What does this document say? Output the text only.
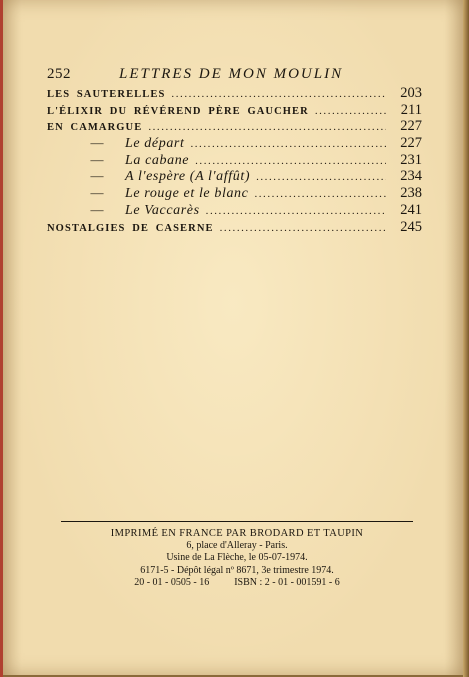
252	LETTRES DE MON MOULIN
LES SAUTERELLES . . .	203
L'ÉLIXIR DU RÉVÉREND PÈRE GAUCHER . . .	211
EN CAMARGUE . . .	227
—	Le départ . . .	227
—	La cabane . . .	231
—	A l'espère (A l'affût) . . .	234
—	Le rouge et le blanc . . .	238
—	Le Vaccarès . . .	241
NOSTALGIES DE CASERNE . . .	245
IMPRIMÉ EN FRANCE PAR BRODARD ET TAUPIN
6, place d'Alleray - Paris.
Usine de La Flèche, le 05-07-1974.
6171-5 - Dépôt légal nº 8671, 3e trimestre 1974.
20 - 01 - 0505 - 16          ISBN : 2 - 01 - 001591 - 6
